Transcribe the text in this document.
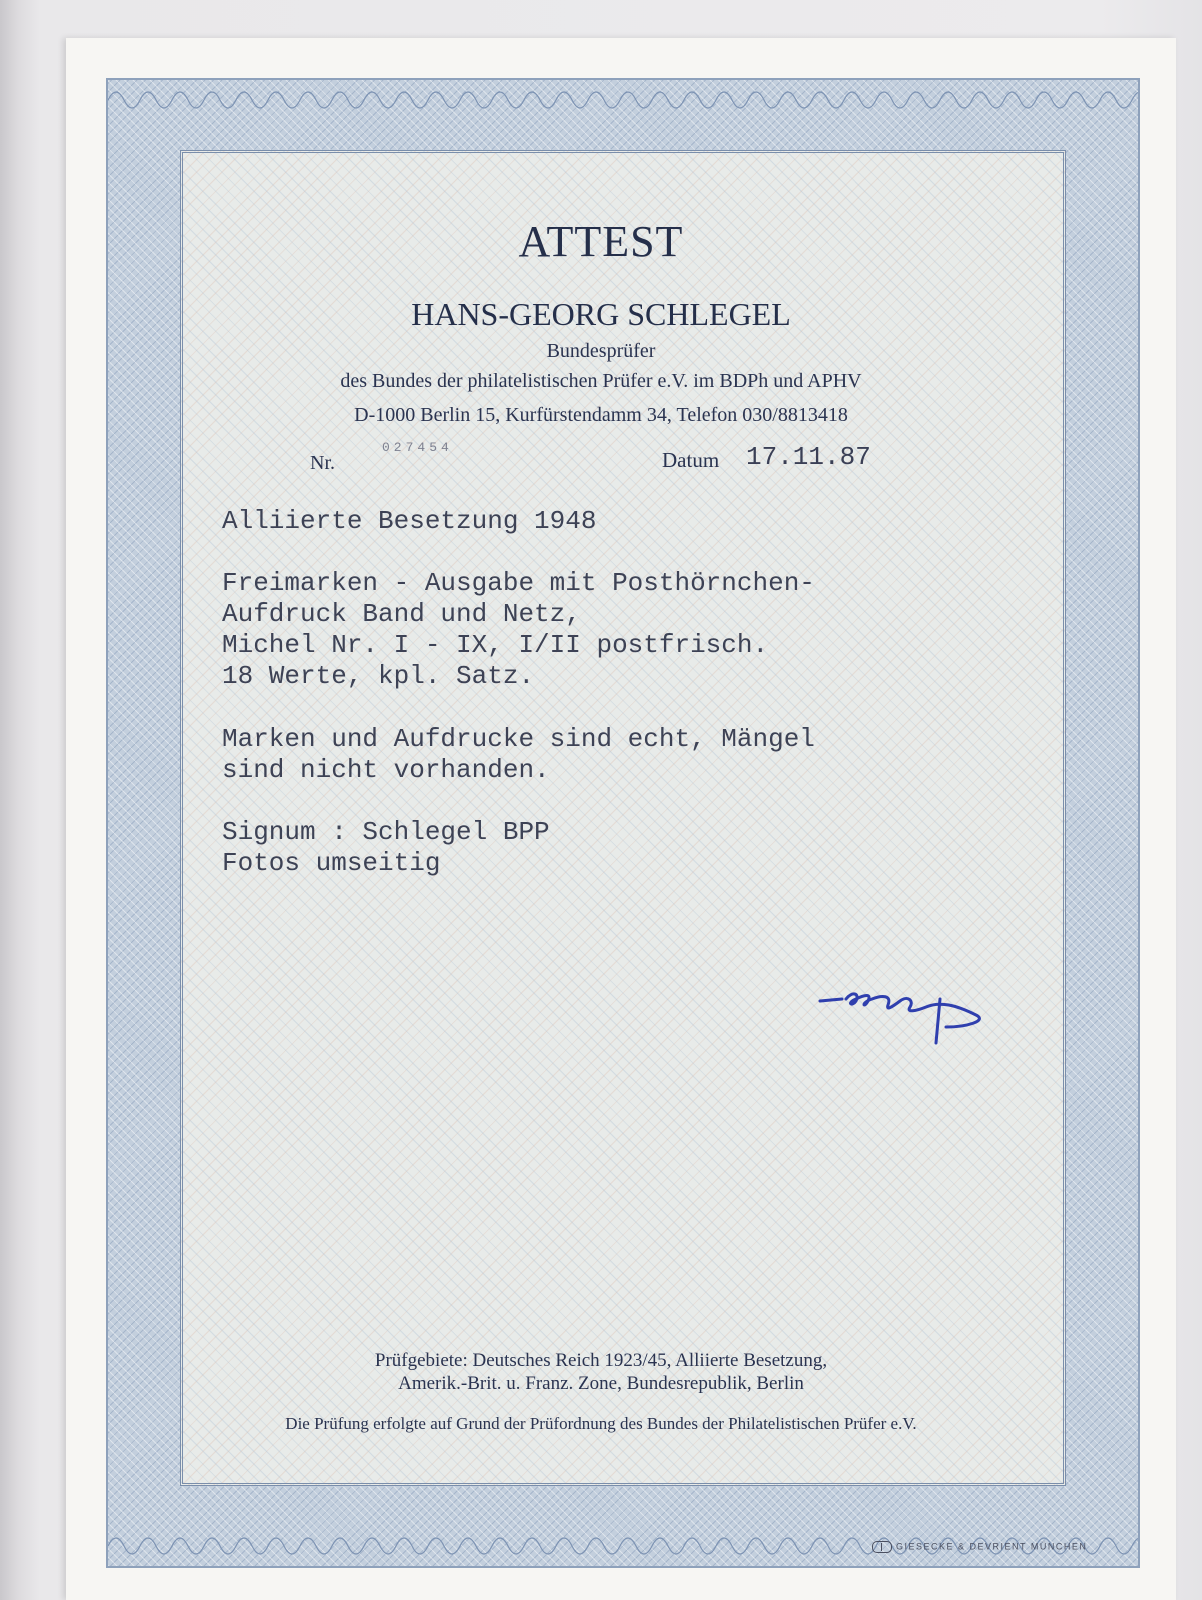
ATTEST
HANS-GEORG SCHLEGEL
Bundesprüfer
des Bundes der philatelistischen Prüfer e.V. im BDPh und APHV
D-1000 Berlin 15, Kurfürstendamm 34, Telefon 030/8813418
Nr.
027454
Datum 17.11.87
Alliierte Besetzung 1948
Freimarken - Ausgabe mit Posthörnchen-
Aufdruck Band und Netz,
Michel Nr. I - IX, I/II postfrisch.
18 Werte, kpl. Satz.
Marken und Aufdrucke sind echt, Mängel
sind nicht vorhanden.
Signum : Schlegel BPP
Fotos umseitig
Prüfgebiete: Deutsches Reich 1923/45, Alliierte Besetzung,
Amerik.-Brit. u. Franz. Zone, Bundesrepublik, Berlin
Die Prüfung erfolgte auf Grund der Prüfordnung des Bundes der Philatelistischen Prüfer e.V.
GIESECKE & DEVRIENT MÜNCHEN
